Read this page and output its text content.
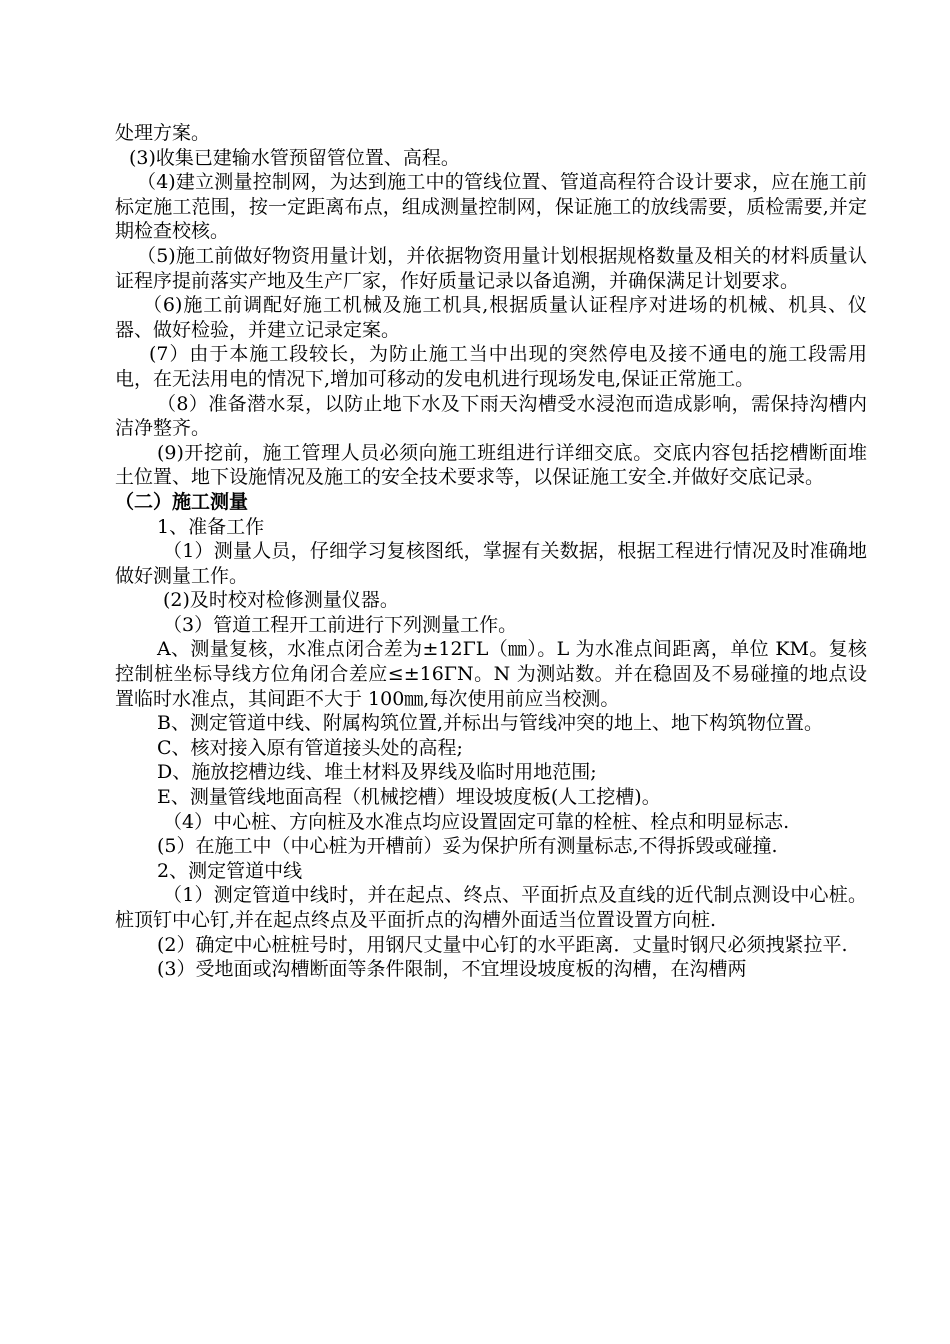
处理方案。

(3)收集已建输水管预留管位置、高程。

（4)建立测量控制网，为达到施工中的管线位置、管道高程符合设计要求，应在施工前标定施工范围，按一定距离布点，组成测量控制网，保证施工的放线需要，质检需要,并定期检查校核。

（5)施工前做好物资用量计划，并依据物资用量计划根据规格数量及相关的材料质量认证程序提前落实产地及生产厂家，作好质量记录以备追溯，并确保满足计划要求。

（6)施工前调配好施工机械及施工机具,根据质量认证程序对进场的机械、机具、仪器、做好检验，并建立记录定案。

(7）由于本施工段较长，为防止施工当中出现的突然停电及接不通电的施工段需用电，在无法用电的情况下,增加可移动的发电机进行现场发电,保证正常施工。

（8）准备潜水泵，以防止地下水及下雨天沟槽受水浸泡而造成影响，需保持沟槽内洁净整齐。

(9)开挖前，施工管理人员必须向施工班组进行详细交底。交底内容包括挖槽断面堆土位置、地下设施情况及施工的安全技术要求等，以保证施工安全.并做好交底记录。

（二）施工测量

1、准备工作

（1）测量人员，仔细学习复核图纸，掌握有关数据，根据工程进行情况及时准确地做好测量工作。

(2)及时校对检修测量仪器。

（3）管道工程开工前进行下列测量工作。

A、测量复核，水准点闭合差为±12ΓL（㎜）。L 为水准点间距离，单位 KM。复核控制桩坐标导线方位角闭合差应≤±16ΓN。N 为测站数。并在稳固及不易碰撞的地点设置临时水准点，其间距不大于 100㎜,每次使用前应当校测。

B、测定管道中线、附属构筑位置,并标出与管线冲突的地上、地下构筑物位置。

C、核对接入原有管道接头处的高程;

D、施放挖槽边线、堆土材料及界线及临时用地范围;

E、测量管线地面高程（机械挖槽）埋设坡度板(人工挖槽)。

（4）中心桩、方向桩及水准点均应设置固定可靠的栓桩、栓点和明显标志.

(5）在施工中（中心桩为开槽前）妥为保护所有测量标志,不得拆毁或碰撞.

2、测定管道中线

（1）测定管道中线时，并在起点、终点、平面折点及直线的近代制点测设中心桩。桩顶钉中心钉,并在起点终点及平面折点的沟槽外面适当位置设置方向桩.

(2）确定中心桩桩号时，用钢尺丈量中心钉的水平距离．丈量时钢尺必须拽紧拉平.

(3）受地面或沟槽断面等条件限制，不宜埋设坡度板的沟槽，在沟槽两
